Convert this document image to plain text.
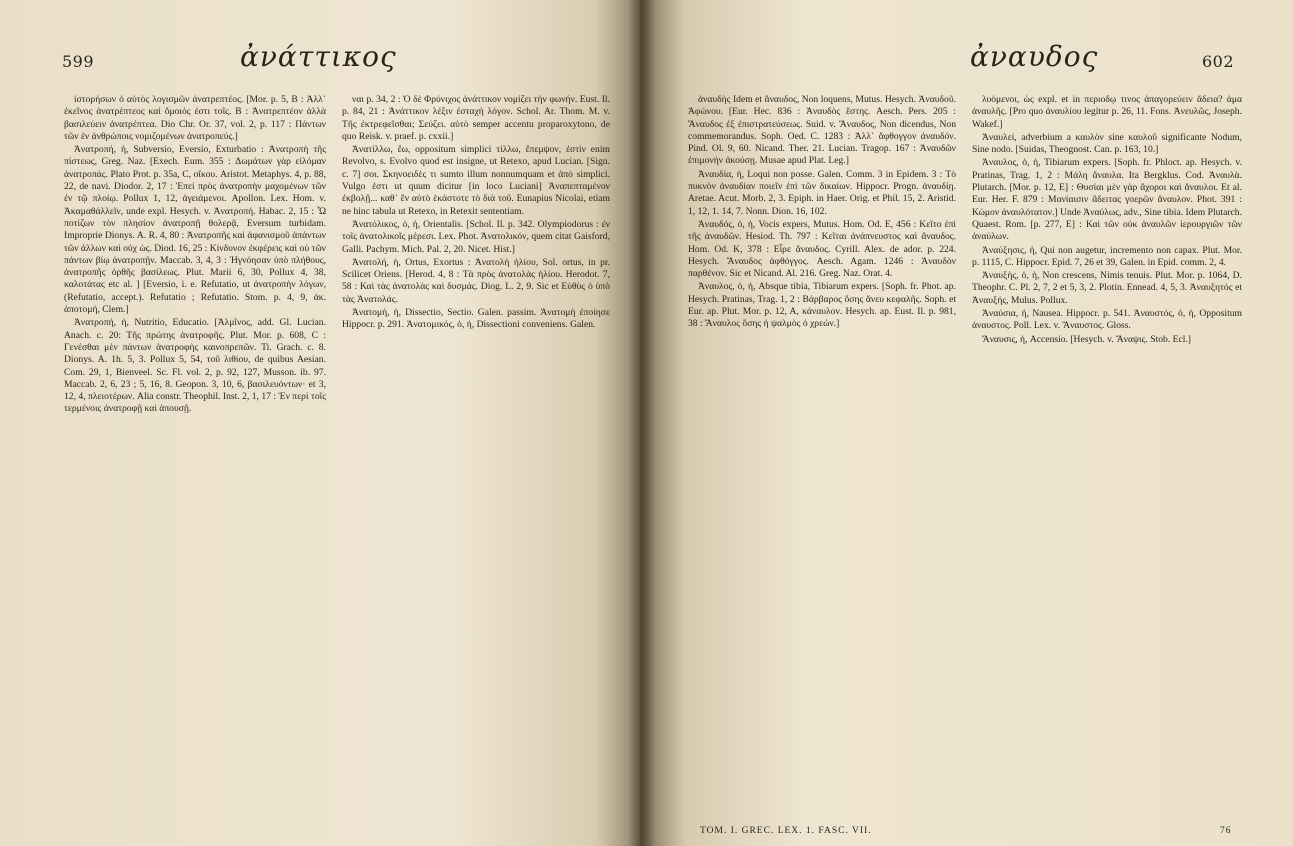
599	ἀνάττικος

ἰστορήσων ὁ αὐτὸς λογισμῶν ἀνατρεπτέος. [Μοr. p. 5, B : Ἀλλ᾽ ἐκεῖνος ἀνατρέπτεος καὶ ὅμοιός ἐστι τοῖς. B : Ἀνατρεπτέον ἀλλὰ βασιλεύειν ἀνατρέπτεα. Dio Chr. Or. 37, vol. 2, p. 117 : Πάντων τῶν ἐν ἀνθρώποις νομιζομένων ἀνατροπεύς.]

Ἀνατροπή, ἡ, Subversio, Eversio, Exturbatio : Ἀνατροπὴ τῆς πίστεως, Greg. Naz. [Exech. Eum. 355 : Δωμάτων γὰρ εἱλόμαν ἀνατροπάς. Plato Prot. p. 35a, C, οἴκου. Aristot. Metaphys. 4, p. 88, 22, de navi. Diodor. 2, 17 : Ἐπεὶ πρὸς ἀνατροπὴν μαχομένων τῶν ἐν τῷ πλοίῳ. Pollux 1, 12, ἀγειάμενοι. Apollon. Lex. Hom. v. Ἀκαμαθάλλεῖν, unde expl. Hesych. v. Ἀνατροπή. Habac. 2, 15 : Ὦ ποτίζων τὸν πλησίον ἀνατροπῇ θολερᾷ, Eversum turbidam. Improprie Dionys. A. R. 4, 80 : Ἀνατροπῆς καὶ ἀφανισμοῦ ἀπάντων τῶν ἀλλων καὶ οὐχ ὡς. Diod. 16, 25 : Κίνδυνον ἐκφέρεις καὶ οὐ τῶν πάντων βίῳ ἀνατροπῇν. Maccab. 3, 4, 3 : Ἠγνόησαν ὑπὸ πλήθους, ἀνατροπῆς ὀρθῆς βασίλεως. Plut. Marii 6, 30, Pollux 4, 38, καλοτάτας etc al. ] [Eversio, i. e. Refutatio, ut ἀνατροπὴν λόγων, (Refutatio, accept.). Refutatio ; Refutatio. Stom. p. 4, 9, ἀκ. ἀποτομή, Clem.]

Ἀνατροπή, ἡ, Nutritio, Educatio. [Ἀλμῖνος, add. Gl. Lucian. Anach. c. 20: Τῆς πρώτης ἀνατροφῆς. Plut. Mor. p. 608, C : Γενέσθαι μὲν πάντων ἀνατροφὴς καινοπρεπῶν. Ti. Grach. c. 8. Dionys. A. 1h. 5, 3. Pollux 5, 54, τοῦ λιθίου, de quibus Aesian. Com. 29, 1, Bienveel. Sc. Fl. vol. 2, p. 92, 127, Musson. ib. 97. Maccab. 2, 6, 23 ; 5, 16, 8. Geopon. 3, 10, 6, βασιλευόντων· et 3, 12, 4, πλειοτέρων. Alia constr. Theophil. Inst. 2, 1, 17 : Ἐν περὶ τοῖς τερμένοις ἀνατροφῇ καὶ ἀπουσῇ.

ναι p. 34, 2 : Ὁ δὲ Φρύνιχος ἀνάττικον νομίζει τὴν φωνήν. Eust. Il. p. 84, 21 : Ἀνάττικον λέξιν ἐσταχὴ λόγον. Schol. Ar. Thom. M. v. Τῆς ἐκτρεφεῖσθαι; Σεύζει. αὐτὸ semper accentu proparoxytono, de quo Reisk. v. praef. p. cxxii.]

Ἀνατίλλω, ἔω, oppositum simplici τίλλω, ἔπεμψον, ἐστὶν enim Revolvo, s. Evolvo quod est insigne, ut Retexo, apud Lucian. [Sign. c. 7] σοι. Σκηνοειδὲς τι sumto illum nonnumquam et ἀπὸ simplici. Vulgo ἐστι ut quum dicitur [in loco Luciani] Ἀναπεπταμένον ἐκβολῇ... καθ᾽ ἓν αὐτὸ ἑκάστοτε τὸ διὰ τοῦ. Eunapius Nicolai, etiam ne hinc tabula ut Retexo, in Retexit sententiam.

Ἀνατόλικος, ὁ, ἡ, Orientalis. [Schol. Il. p. 342. Olympiodorus : ἐν τοῖς ἀνατολικοῖς μέρεσι. Lex. Phot. Ἀνατολικόν, quem citat Gaisford, Galli. Pachym. Mich. Pal. 2, 20. Nicet. Hist.]

Ἀνατολή, ἡ, Ortus, Exortus : Ἀνατολὴ ἡλίου, Sol. ortus, in pr. Scilicet Oriens. [Herod. 4, 8 : Τὰ πρὸς ἀνατολὰς ἡλίου. Herodot. 7, 58 : Καὶ τὰς ἀνατολὰς καὶ δυσμάς. Diog. L. 2, 9. Sic et Εὐθὺς ὁ ὑπὸ τὰς Ἀνατολάς.

Ἀνατομή, ἡ, Dissectio, Sectio. Galen. passim. Ἀνατομὴ ἐποίησε Hippocr. p. 291. Ἀνατομικός, ὁ, ἡ, Dissectioni conveniens. Galen.

ἀναυδος	602

ἀναυδὴς Idem et ἄναυδος, Non loquens, Mutus. Hesych. Ἀναυδοῦ. Ἀφώνου. [Eur. Hec. 836 : Ἀναυδὸς ἔστης. Aesch. Pers. 205 : Ἄναυδος ἐξ ἐπιστρατεύσεως. Suid. v. Ἄναυδος, Non dicendus, Non commemorandus. Soph. Oed. C. 1283 : Ἀλλ᾽ ἄφθογγον ἀναυδόν. Pind. Ol. 9, 60. Nicand. Ther. 21. Lucian. Tragop. 167 : Ἀναυδῶν ἐπιμονὴν ἀκούσῃ. Musae apud Plat. Leg.]

Ἀναυδία, ἡ, Loqui non posse. Galen. Comm. 3 in Epidem. 3 : Τὸ πυκνὸν ἀναυδίαν ποιεῖν ἐπὶ τῶν δικαίων. Hippocr. Progn. ἀναυδίῃ. Aretae. Acut. Morb. 2, 3. Epiph. in Haer. Orig. et Phil. 15, 2. Aristid. 1, 12, 1. 14, 7. Nonn. Dion. 16, 102.

Ἀναυδός, ὁ, ἡ, Vocis expers, Mutus. Hom. Od. E, 456 : Κεῖτο ἐπὶ τῆς ἀναυδῶν. Hesiod. Th. 797 : Κεῖται ἀνάπνευστος καὶ ἄναυδος. Hom. Od. K, 378 : Εἶρε ἄναυδος. Cyrill. Alex. de ador. p. 224. Hesych. Ἄναυδος ἀφθόγγος. Aesch. Agam. 1246 : Ἀναυδὸν παρθένον. Sic et Nicand. Al. 216. Greg. Naz. Orat. 4.

Ἀναυλος, ὁ, ἡ, Absque tibia, Tibiarum expers. [Soph. fr. Phot. ap. Hesych. Pratinas, Trag. 1, 2 : Βάρβαρος ὅσης ἄνευ κεφαλῆς. Soph. et Eur. ap. Plut. Mor. p. 12, A, κάναυλον. Hesych. ap. Eust. Il. p. 981, 38 : Ἄναυλος ὅσης ἡ ψαλμὸς ὁ χρεών.]

λυόμενοι, ὡς expl. et in περιοδῳ τινος ἀπαγορεύειν ἄδεια? ἁμα ἀναυλῆς. [Pro quo ἀναυλίου legitur p. 26, 11. Fons. Ἀνευλῶς, Joseph. Wakef.]

Ἀναυλεί, adverbium a καυλὸν sine καυλοῦ significante Nodum, Sine nodo. [Suidas, Theognost. Can. p. 163, 10.]

Ἀναυλος, ὁ, ἡ, Tibiarum expers. [Soph. fr. Phloct. ap. Hesych. v. Pratinas, Trag. 1, 2 : Μάλη ἄναυλα. Ita Bergklus. Cod. Ἀναυλὰ. Plutarch. [Mor. p. 12, E] : Θυσίαι μὲν γὰρ ἄχοροι καὶ ἄναυλοι. Et al. Eur. Her. F. 879 : Μανίαισιν ἄδειτας γοερῶν ἄναυλον. Phot. 391 : Κώμον ἀναυλότατον.] Unde Ἀναύλως, adv., Sine tibia. Idem Plutarch. Quaest. Rom. [p. 277, E] : Καὶ τῶν οὐκ ἀναυλῶν ἱερουργιῶν τῶν ἀναύλων.

Ἀναύξησις, ἡ, Qui non augetur, incremento non capax. Plut. Mor. p. 1115, C. Hippocr. Epid. 7, 26 et 39, Galen. in Epid. comm. 2, 4.

Ἀναυξὴς, ὁ, ἡ, Non crescens, Nimis tenuis. Plut. Mor. p. 1064, D. Theophr. C. Pl. 2, 7, 2 et 5, 3, 2. Plotin. Ennead. 4, 5, 3. Ἀναυξητός et Ἀναυξής, Mulus. Pollux.

Ἀναύσια, ἡ, Nausea. Hippocr. p. 541. Ἀναυστός, ὁ, ἡ, Oppositum ἀναυστος. Poll. Lex. v. Ἄναυστος. Gloss.

Ἄναυσις, ἡ, Accensio. [Hesych. v. Ἄναψις. Stob. Ecl.]

TOM. I. GREC. LEX. 1. FASC. VII.	76
